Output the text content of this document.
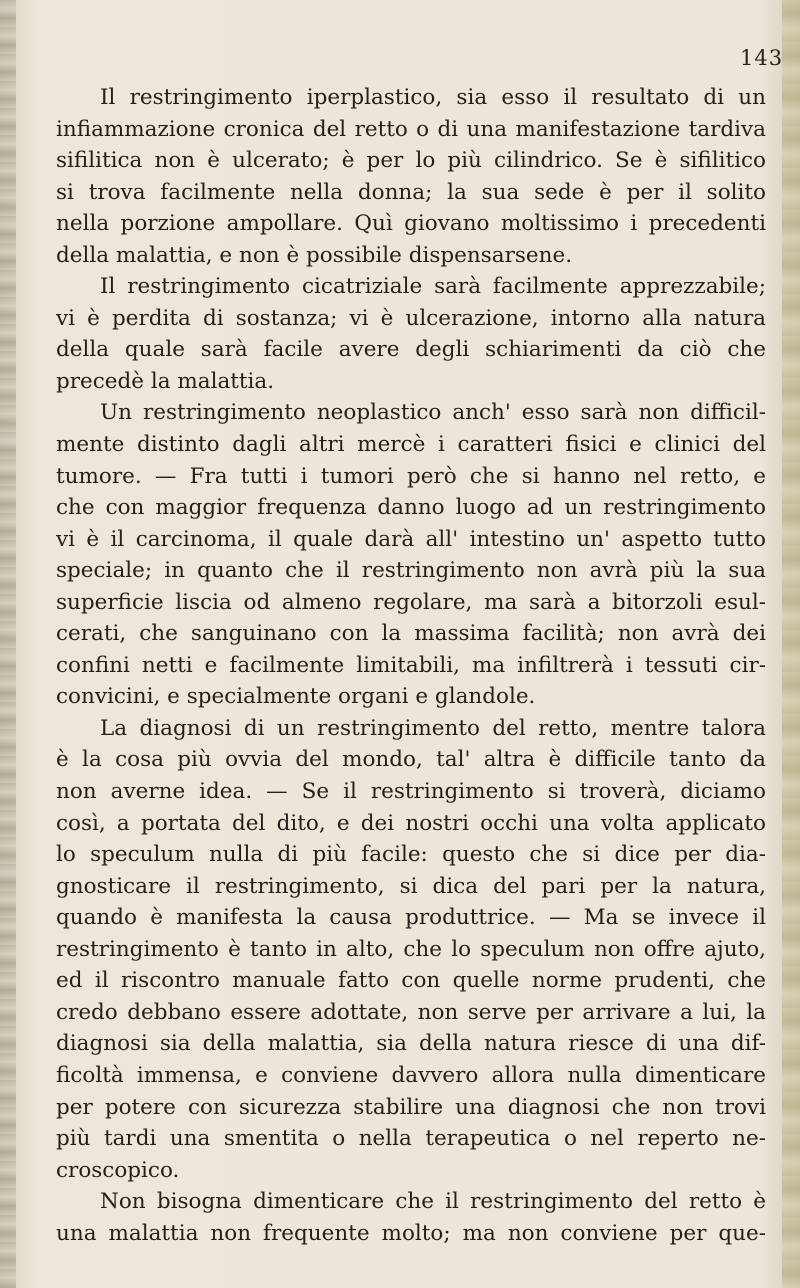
143
Il restringimento iperplastico, sia esso il resultato di un
infiammazione cronica del retto o di una manifestazione tardiva
sifilitica non è ulcerato; è per lo più cilindrico. Se è sifilitico
si trova facilmente nella donna; la sua sede è per il solito
nella porzione ampollare. Quì giovano moltissimo i precedenti
della malattia, e non è possibile dispensarsene.
Il restringimento cicatriziale sarà facilmente apprezzabile;
vi è perdita di sostanza; vi è ulcerazione, intorno alla natura
della quale sarà facile avere degli schiarimenti da ciò che
precedè la malattia.
Un restringimento neoplastico anch' esso sarà non difficil-
mente distinto dagli altri mercè i caratteri fisici e clinici del
tumore. — Fra tutti i tumori però che si hanno nel retto, e
che con maggior frequenza danno luogo ad un restringimento
vi è il carcinoma, il quale darà all' intestino un' aspetto tutto
speciale; in quanto che il restringimento non avrà più la sua
superficie liscia od almeno regolare, ma sarà a bitorzoli esul-
cerati, che sanguinano con la massima facilità; non avrà dei
confini netti e facilmente limitabili, ma infiltrerà i tessuti cir-
convicini, e specialmente organi e glandole.
La diagnosi di un restringimento del retto, mentre talora
è la cosa più ovvia del mondo, tal' altra è difficile tanto da
non averne idea. — Se il restringimento si troverà, diciamo
così, a portata del dito, e dei nostri occhi una volta applicato
lo speculum nulla di più facile: questo che si dice per dia-
gnosticare il restringimento, si dica del pari per la natura,
quando è manifesta la causa produttrice. — Ma se invece il
restringimento è tanto in alto, che lo speculum non offre ajuto,
ed il riscontro manuale fatto con quelle norme prudenti, che
credo debbano essere adottate, non serve per arrivare a lui, la
diagnosi sia della malattia, sia della natura riesce di una dif-
ficoltà immensa, e conviene davvero allora nulla dimenticare
per potere con sicurezza stabilire una diagnosi che non trovi
più tardi una smentita o nella terapeutica o nel reperto ne-
croscopico.
Non bisogna dimenticare che il restringimento del retto è
una malattia non frequente molto; ma non conviene per que-
